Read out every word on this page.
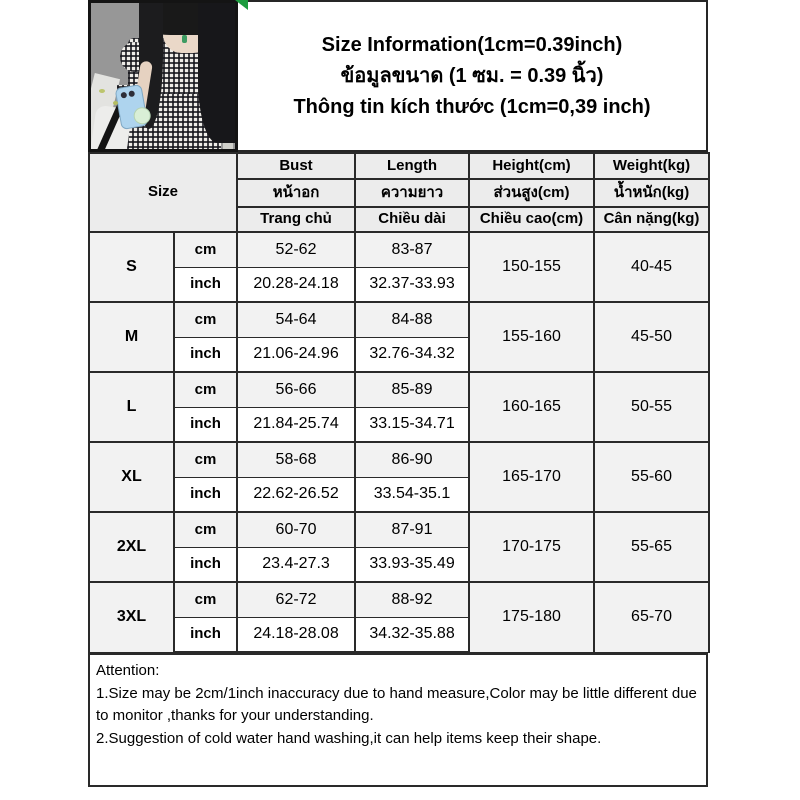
Size Information(1cm=0.39inch)
ข้อมูลขนาด (1 ซม. = 0.39 นิ้ว)
Thông tin kích thước (1cm=0,39 inch)
Size		Bust	Length	Height(cm)	Weight(kg)
		หน้าอก	ความยาว	ส่วนสูง(cm)	น้ำหนัก(kg)
		Trang chủ	Chiều dài	Chiều cao(cm)	Cân nặng(kg)
S	cm	52-62	83-87	150-155	40-45
	inch	20.28-24.18	32.37-33.93		
M	cm	54-64	84-88	155-160	45-50
	inch	21.06-24.96	32.76-34.32		
L	cm	56-66	85-89	160-165	50-55
	inch	21.84-25.74	33.15-34.71		
XL	cm	58-68	86-90	165-170	55-60
	inch	22.62-26.52	33.54-35.1		
2XL	cm	60-70	87-91	170-175	55-65
	inch	23.4-27.3	33.93-35.49		
3XL	cm	62-72	88-92	175-180	65-70
	inch	24.18-28.08	34.32-35.88		
Attention:
1.Size may be 2cm/1inch inaccuracy due to hand measure,Color may be little different due to monitor ,thanks for your understanding.
2.Suggestion of cold water hand washing,it can help items keep their shape.
